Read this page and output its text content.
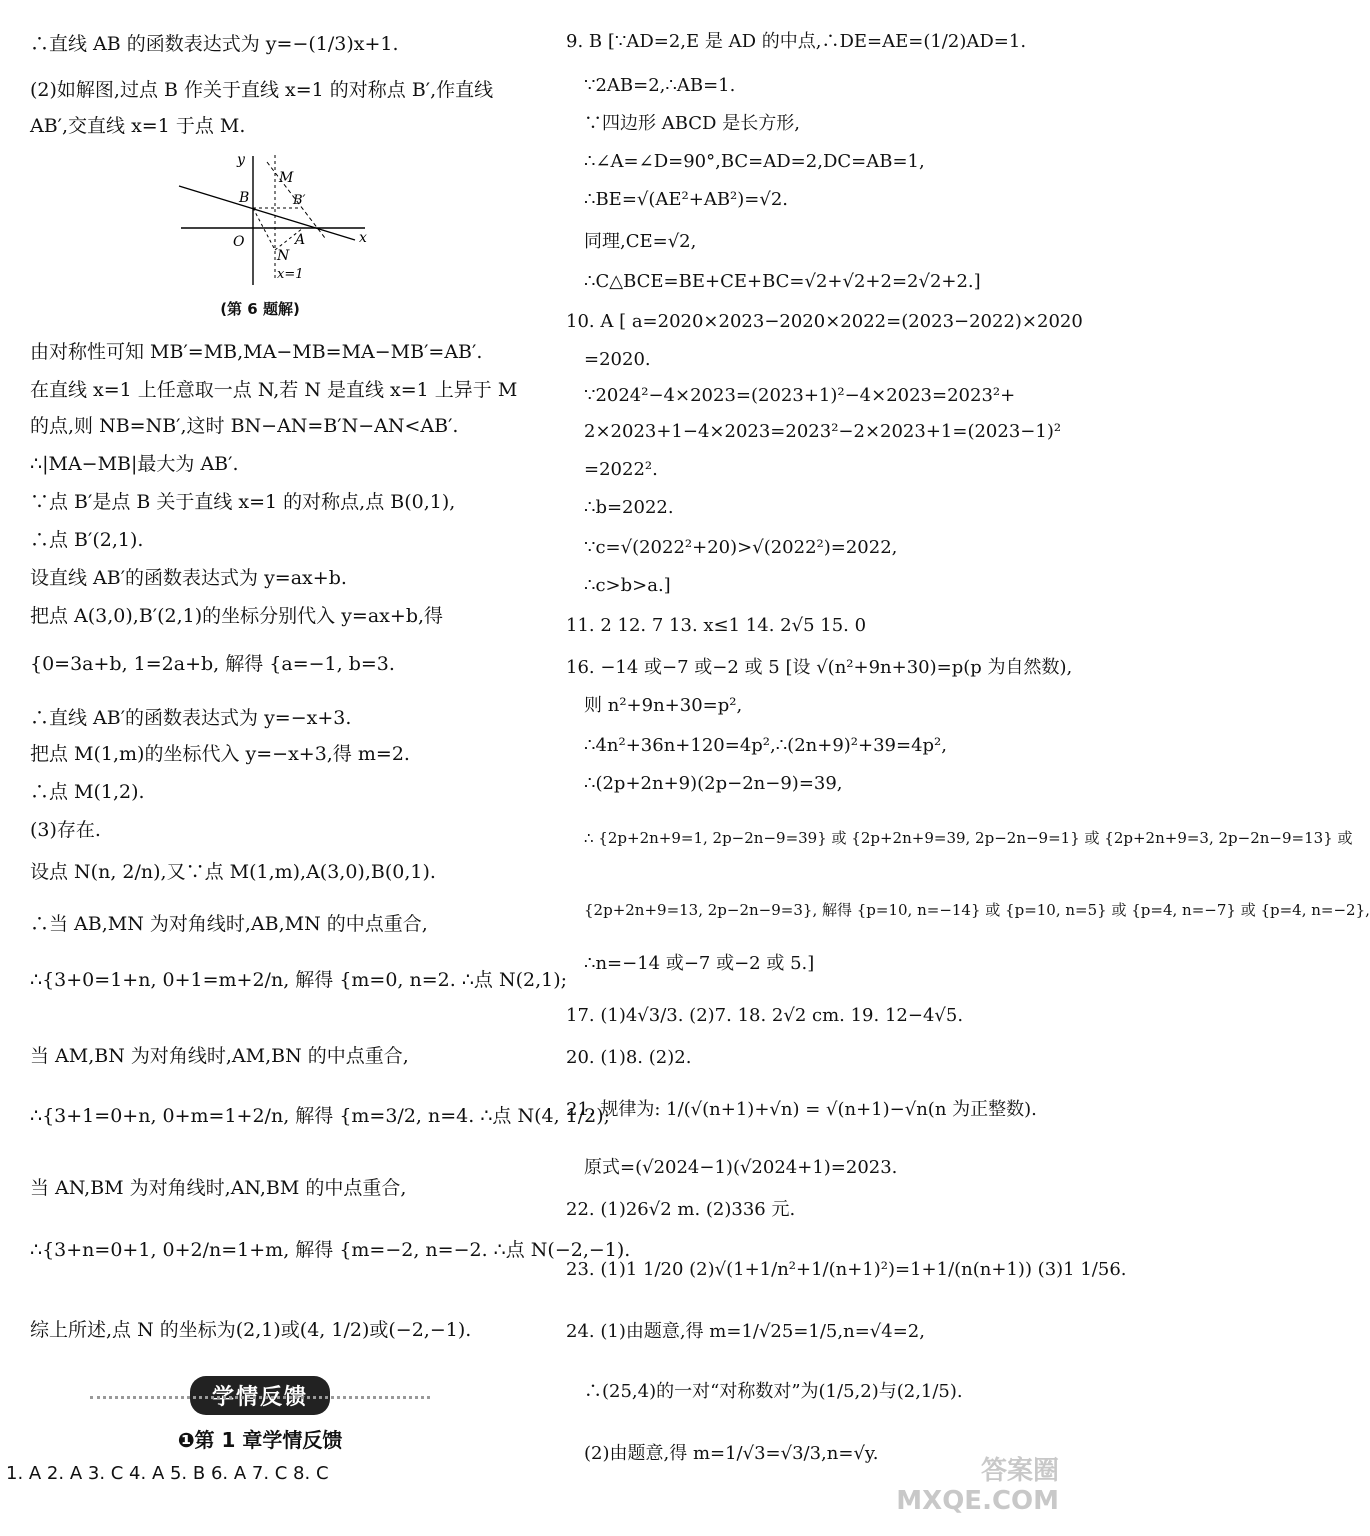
∴直线 AB 的函数表达式为 y=−(1/3)x+1.
(2)如解图,过点 B 作关于直线 x=1 的对称点 B′,作直线
AB′,交直线 x=1 于点 M.
由对称性可知 MB′=MB,MA−MB=MA−MB′=AB′.
在直线 x=1 上任意取一点 N,若 N 是直线 x=1 上异于 M
的点,则 NB=NB′,这时 BN−AN=B′N−AN<AB′.
∴|MA−MB|最大为 AB′.
∵点 B′是点 B 关于直线 x=1 的对称点,点 B(0,1),
∴点 B′(2,1).
设直线 AB′的函数表达式为 y=ax+b.
把点 A(3,0),B′(2,1)的坐标分别代入 y=ax+b,得
{0=3a+b, 1=2a+b, 解得 {a=−1, b=3.
∴直线 AB′的函数表达式为 y=−x+3.
把点 M(1,m)的坐标代入 y=−x+3,得 m=2.
∴点 M(1,2).
(3)存在.
设点 N(n, 2/n),又∵点 M(1,m),A(3,0),B(0,1).
∴当 AB,MN 为对角线时,AB,MN 的中点重合,
∴{3+0=1+n, 0+1=m+2/n, 解得 {m=0, n=2. ∴点 N(2,1);
当 AM,BN 为对角线时,AM,BN 的中点重合,
∴{3+1=0+n, 0+m=1+2/n, 解得 {m=3/2, n=4. ∴点 N(4, 1/2);
当 AN,BM 为对角线时,AN,BM 的中点重合,
∴{3+n=0+1, 0+2/n=1+m, 解得 {m=−2, n=−2. ∴点 N(−2,−1).
综上所述,点 N 的坐标为(2,1)或(4, 1/2)或(−2,−1).
9. B [∵AD=2,E 是 AD 的中点,∴DE=AE=(1/2)AD=1.
∵2AB=2,∴AB=1.
∵四边形 ABCD 是长方形,
∴∠A=∠D=90°,BC=AD=2,DC=AB=1,
∴BE=√(AE²+AB²)=√2.
同理,CE=√2,
∴C△BCE=BE+CE+BC=√2+√2+2=2√2+2.]
10. A [ a=2020×2023−2020×2022=(2023−2022)×2020
=2020.
∵2024²−4×2023=(2023+1)²−4×2023=2023²+
2×2023+1−4×2023=2023²−2×2023+1=(2023−1)²
=2022².
∴b=2022.
∵c=√(2022²+20)>√(2022²)=2022,
∴c>b>a.]
11. 2 12. 7 13. x≤1 14. 2√5 15. 0
16. −14 或−7 或−2 或 5 [设 √(n²+9n+30)=p(p 为自然数),
则 n²+9n+30=p²,
∴4n²+36n+120=4p²,∴(2n+9)²+39=4p²,
∴(2p+2n+9)(2p−2n−9)=39,
∴ {2p+2n+9=1, 2p−2n−9=39} 或 {2p+2n+9=39, 2p−2n−9=1} 或 {2p+2n+9=3, 2p−2n−9=13} 或
{2p+2n+9=13, 2p−2n−9=3}, 解得 {p=10, n=−14} 或 {p=10, n=5} 或 {p=4, n=−7} 或 {p=4, n=−2},
∴n=−14 或−7 或−2 或 5.]
17. (1)4√3/3. (2)7. 18. 2√2 cm. 19. 12−4√5.
20. (1)8. (2)2.
21. 规律为: 1/(√(n+1)+√n) = √(n+1)−√n(n 为正整数).
原式=(√2024−1)(√2024+1)=2023.
22. (1)26√2 m. (2)336 元.
23. (1)1 1/20 (2)√(1+1/n²+1/(n+1)²)=1+1/(n(n+1)) (3)1 1/56.
24. (1)由题意,得 m=1/√25=1/5,n=√4=2,
∴(25,4)的一对“对称数对”为(1/5,2)与(2,1/5).
(2)由题意,得 m=1/√3=√3/3,n=√y.
y
x
O
B	B′
M
A
N
x=1
(第 6 题解)
学情反馈
❶第 1 章学情反馈
1. A 2. A 3. C 4. A 5. B 6. A 7. C 8. C	答案圈
MXQE.COM
